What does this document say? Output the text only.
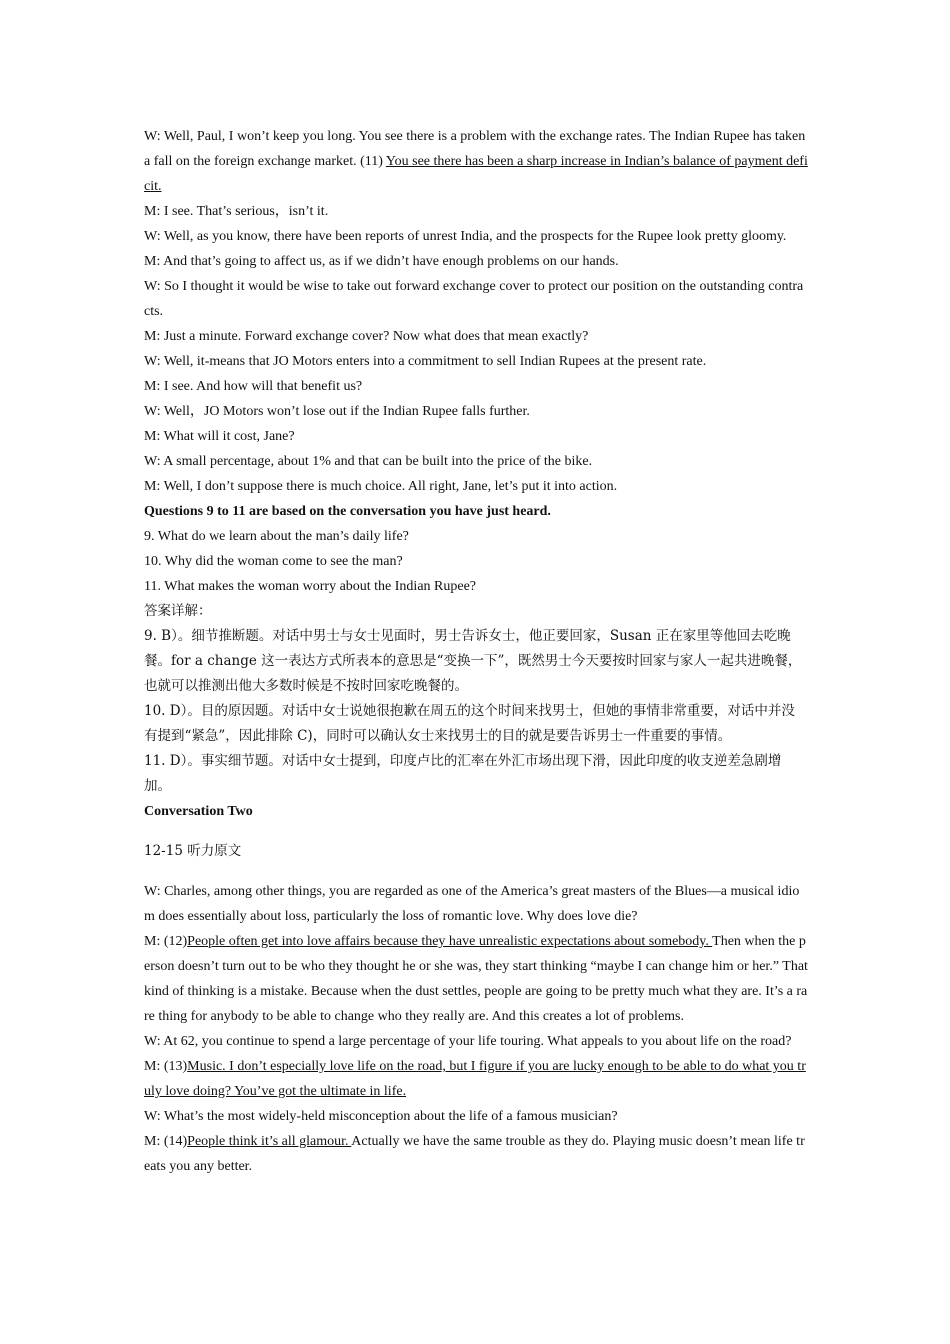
W: Well, Paul, I won’t keep you long. You see there is a problem with the exchange rates. The Indian Rupee has taken a fall on the foreign exchange market. (11) You see there has been a sharp increase in Indian’s balance of payment deficit.

M: I see. That’s serious，isn’t it.

W: Well, as you know, there have been reports of unrest India, and the prospects for the Rupee look pretty gloomy.

M: And that’s going to affect us, as if we didn’t have enough problems on our hands.

W: So I thought it would be wise to take out forward exchange cover to protect our position on the outstanding contracts.

M: Just a minute. Forward exchange cover? Now what does that mean exactly?

W: Well, it-means that JO Motors enters into a commitment to sell Indian Rupees at the present rate.

M: I see. And how will that benefit us?

W: Well，JO Motors won’t lose out if the Indian Rupee falls further.

M: What will it cost, Jane?

W: A small percentage, about 1% and that can be built into the price of the bike.

M: Well, I don’t suppose there is much choice. All right, Jane, let’s put it into action.

Questions 9 to 11 are based on the conversation you have just heard.

9. What do we learn about the man’s daily life?

10. Why did the woman come to see the man?

11. What makes the woman worry about the Indian Rupee?

答案详解：

9. B）。细节推断题。对话中男士与女士见面时，男士告诉女士，他正要回家，Susan 正在家里等他回去吃晚餐。for a change 这一表达方式所表本的意思是“变换一下”，既然男士今天要按时回家与家人一起共进晚餐，也就可以推测出他大多数时候是不按时回家吃晚餐的。

10. D）。目的原因题。对话中女士说她很抱歉在周五的这个时间来找男士，但她的事情非常重要，对话中并没有提到“紧急”，因此排除 C)，同时可以确认女士来找男士的目的就是要告诉男士一件重要的事情。

11. D）。事实细节题。对话中女士提到，印度卢比的汇率在外汇市场出现下滑，因此印度的收支逆差急剧增加。

Conversation Two

12-15 听力原文

W: Charles, among other things, you are regarded as one of the America’s great masters of the Blues—a musical idiom does essentially about loss, particularly the loss of romantic love. Why does love die?

M: (12)People often get into love affairs because they have unrealistic expectations about somebody. Then when the person doesn’t turn out to be who they thought he or she was, they start thinking “maybe I can change him or her.” That kind of thinking is a mistake. Because when the dust settles, people are going to be pretty much what they are. It’s a rare thing for anybody to be able to change who they really are. And this creates a lot of problems.

W: At 62, you continue to spend a large percentage of your life touring. What appeals to you about life on the road?

M: (13)Music. I don’t especially love life on the road, but I figure if you are lucky enough to be able to do what you truly love doing? You’ve got the ultimate in life.

W: What’s the most widely-held misconception about the life of a famous musician?

M: (14)People think it’s all glamour. Actually we have the same trouble as they do. Playing music doesn’t mean life treats you any better.
